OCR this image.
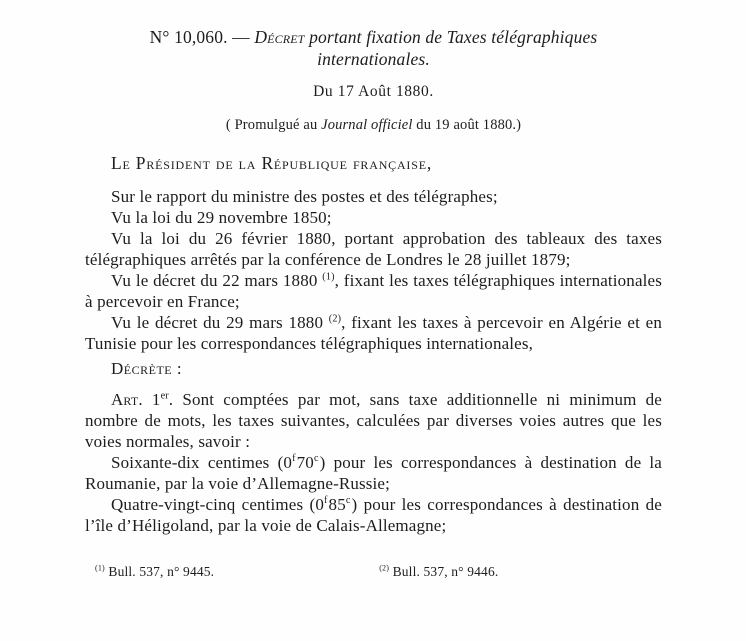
N° 10,060. — Décret portant fixation de Taxes télégraphiques
internationales.
Du 17 Août 1880.
( Promulgué au Journal officiel du 19 août 1880.)
Le Président de la République française,

Sur le rapport du ministre des postes et des télégraphes;

Vu la loi du 29 novembre 1850;

Vu la loi du 26 février 1880, portant approbation des tableaux des taxes télégraphiques arrêtés par la conférence de Londres le 28 juillet 1879;

Vu le décret du 22 mars 1880 $^{(1)}$, fixant les taxes télégraphiques internationales à percevoir en France;

Vu le décret du 29 mars 1880 $^{(2)}$, fixant les taxes à percevoir en Algérie et en Tunisie pour les correspondances télégraphiques internationales,

Décrète :

Art. 1er. Sont comptées par mot, sans taxe additionnelle ni minimum de nombre de mots, les taxes suivantes, calculées par diverses voies autres que les voies normales, savoir :

Soixante-dix centimes (0$^f$70$^c$) pour les correspondances à destination de la Roumanie, par la voie d’Allemagne-Russie;

Quatre-vingt-cinq centimes (0$^f$85$^c$) pour les correspondances à destination de l’île d’Héligoland, par la voie de Calais-Allemagne;

$^{(1)}$ Bull. 537, n° 9445.	$^{(2)}$ Bull. 537, n° 9446.
